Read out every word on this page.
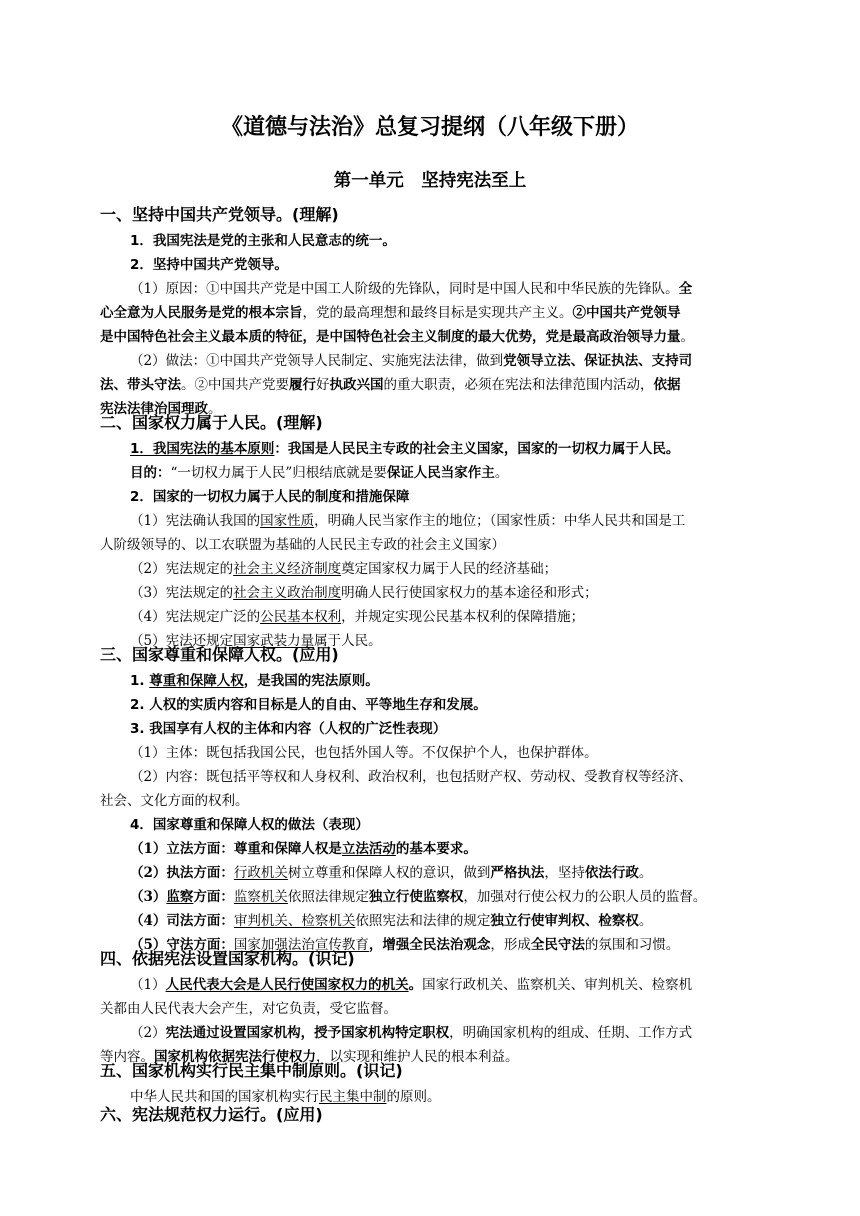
《道德与法治》总复习提纲（八年级下册）
第一单元　坚持宪法至上
一、坚持中国共产党领导。(理解)
1．我国宪法是党的主张和人民意志的统一。
2．坚持中国共产党领导。
（1）原因：①中国共产党是中国工人阶级的先锋队，同时是中国人民和中华民族的先锋队。全
心全意为人民服务是党的根本宗旨，党的最高理想和最终目标是实现共产主义。②中国共产党领导
是中国特色社会主义最本质的特征，是中国特色社会主义制度的最大优势，党是最高政治领导力量。
（2）做法：①中国共产党领导人民制定、实施宪法法律，做到党领导立法、保证执法、支持司
法、带头守法。②中国共产党要履行好执政兴国的重大职责，必须在宪法和法律范围内活动，依据
宪法法律治国理政。
二、国家权力属于人民。(理解)
1．我国宪法的基本原则：我国是人民民主专政的社会主义国家，国家的一切权力属于人民。
目的：“一切权力属于人民”归根结底就是要保证人民当家作主。
2．国家的一切权力属于人民的制度和措施保障
（1）宪法确认我国的国家性质，明确人民当家作主的地位；（国家性质：中华人民共和国是工
人阶级领导的、以工农联盟为基础的人民民主专政的社会主义国家）
（2）宪法规定的社会主义经济制度奠定国家权力属于人民的经济基础；
（3）宪法规定的社会主义政治制度明确人民行使国家权力的基本途径和形式；
（4）宪法规定广泛的公民基本权利，并规定实现公民基本权利的保障措施；
（5）宪法还规定国家武装力量属于人民。
三、国家尊重和保障人权。(应用)
1. 尊重和保障人权，是我国的宪法原则。
2. 人权的实质内容和目标是人的自由、平等地生存和发展。
3. 我国享有人权的主体和内容（人权的广泛性表现）
（1）主体：既包括我国公民，也包括外国人等。不仅保护个人，也保护群体。
（2）内容：既包括平等权和人身权利、政治权利，也包括财产权、劳动权、受教育权等经济、
社会、文化方面的权利。
4．国家尊重和保障人权的做法（表现）
（1）立法方面：尊重和保障人权是立法活动的基本要求。
（2）执法方面：行政机关树立尊重和保障人权的意识，做到严格执法，坚持依法行政。
（3）监察方面：监察机关依照法律规定独立行使监察权，加强对行使公权力的公职人员的监督。
（4）司法方面：审判机关、检察机关依照宪法和法律的规定独立行使审判权、检察权。
（5）守法方面：国家加强法治宣传教育，增强全民法治观念，形成全民守法的氛围和习惯。
四、依据宪法设置国家机构。(识记)
（1）人民代表大会是人民行使国家权力的机关。国家行政机关、监察机关、审判机关、检察机
关都由人民代表大会产生，对它负责，受它监督。
（2）宪法通过设置国家机构，授予国家机构特定职权，明确国家机构的组成、任期、工作方式
等内容。国家机构依据宪法行使权力，以实现和维护人民的根本利益。
五、国家机构实行民主集中制原则。(识记)
中华人民共和国的国家机构实行民主集中制的原则。
六、宪法规范权力运行。(应用)
